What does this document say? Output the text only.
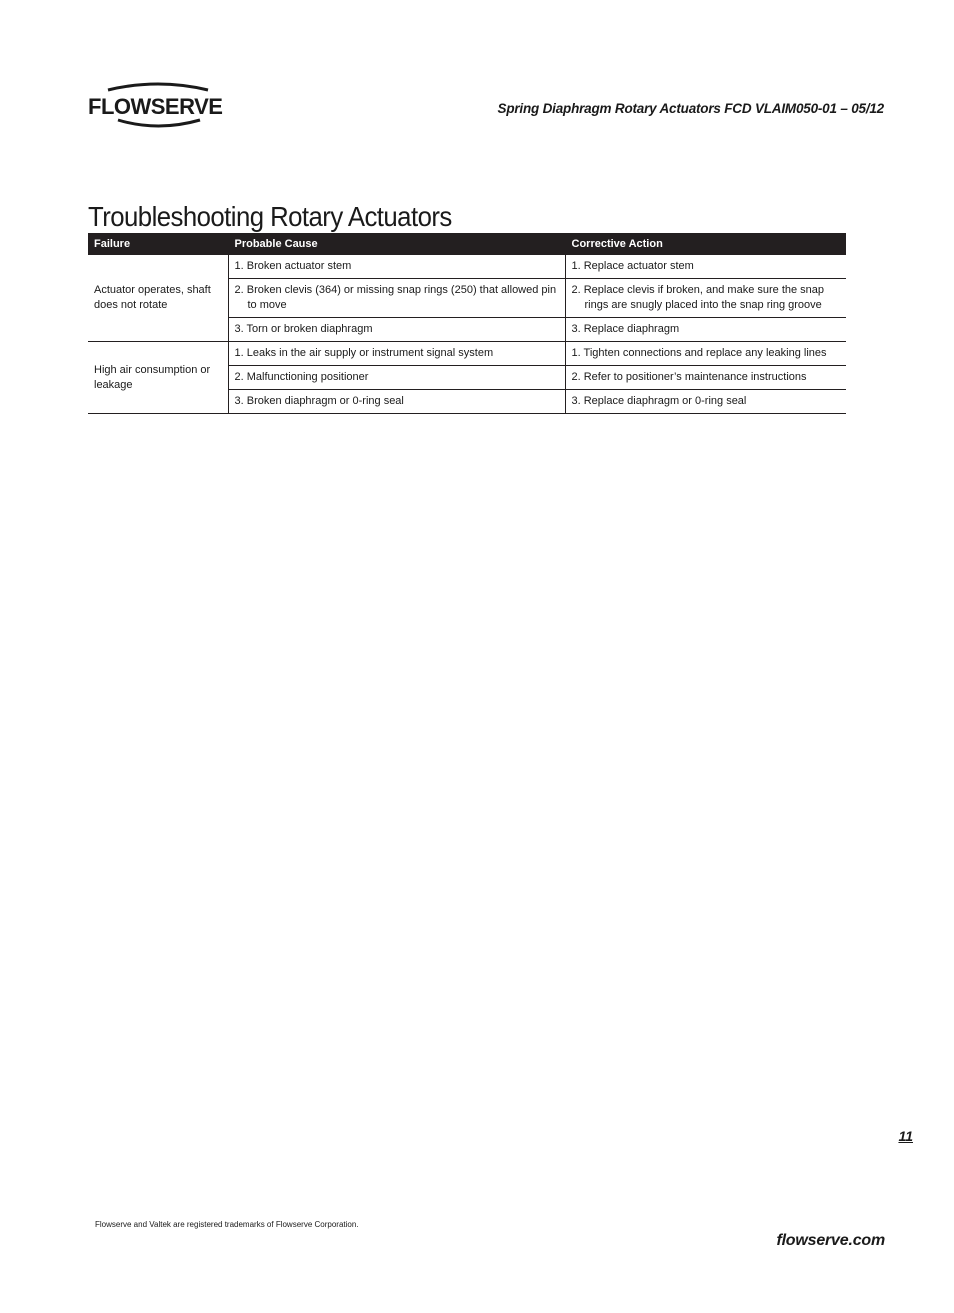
FLOWSERVE	Spring Diaphragm Rotary Actuators FCD VLAIM050-01 – 05/12
Troubleshooting Rotary Actuators
Failure	Probable Cause	Corrective Action
Actuator operates, shaft does not rotate	1. Broken actuator stem	1. Replace actuator stem

	2. Broken clevis (364) or missing snap rings (250) that allowed pin to move	2. Replace clevis if broken, and make sure the snap rings are snugly placed into the snap ring groove

	3. Torn or broken diaphragm	3. Replace diaphragm

High air consumption or leakage	1. Leaks in the air supply or instrument signal system	1. Tighten connections and replace any leaking lines

	2. Malfunctioning positioner	2. Refer to positioner’s maintenance instructions

	3. Broken diaphragm or 0-ring seal	3. Replace diaphragm or 0-ring seal
11
Flowserve and Valtek are registered trademarks of Flowserve Corporation.
flowserve.com
